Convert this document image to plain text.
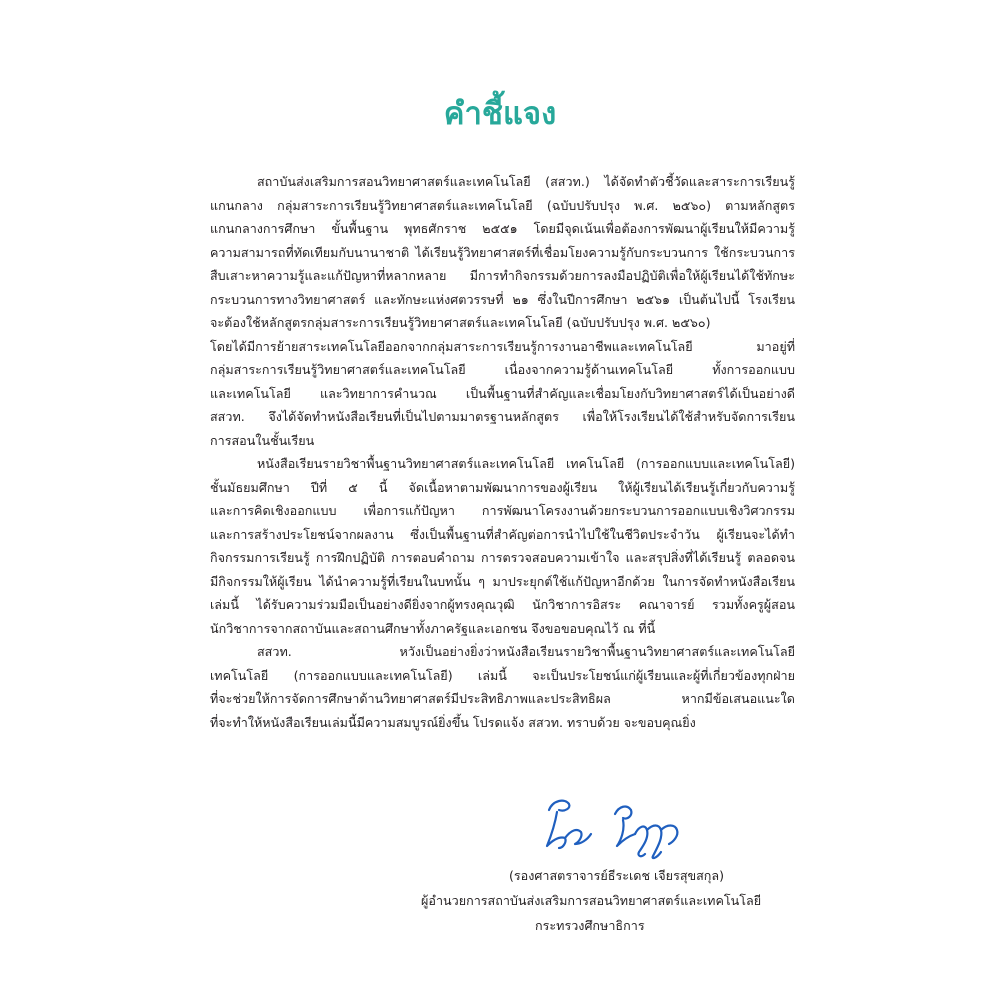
คำชี้แจง
สถาบันส่งเสริมการสอนวิทยาศาสตร์และเทคโนโลยี (สสวท.) ได้จัดทำตัวชี้วัดและสาระการเรียนรู้
แกนกลาง กลุ่มสาระการเรียนรู้วิทยาศาสตร์และเทคโนโลยี (ฉบับปรับปรุง พ.ศ. ๒๕๖๐) ตามหลักสูตร
แกนกลางการศึกษา ขั้นพื้นฐาน พุทธศักราช ๒๕๕๑ โดยมีจุดเน้นเพื่อต้องการพัฒนาผู้เรียนให้มีความรู้
ความสามารถที่ทัดเทียมกับนานาชาติ ได้เรียนรู้วิทยาศาสตร์ที่เชื่อมโยงความรู้กับกระบวนการ ใช้กระบวนการ
สืบเสาะหาความรู้และแก้ปัญหาที่หลากหลาย มีการทำกิจกรรมด้วยการลงมือปฏิบัติเพื่อให้ผู้เรียนได้ใช้ทักษะ
กระบวนการทางวิทยาศาสตร์ และทักษะแห่งศตวรรษที่ ๒๑ ซึ่งในปีการศึกษา ๒๕๖๑ เป็นต้นไปนี้ โรงเรียน
จะต้องใช้หลักสูตรกลุ่มสาระการเรียนรู้วิทยาศาสตร์และเทคโนโลยี (ฉบับปรับปรุง พ.ศ. ๒๕๖๐)
โดยได้มีการย้ายสาระเทคโนโลยีออกจากกลุ่มสาระการเรียนรู้การงานอาชีพและเทคโนโลยี มาอยู่ที่
กลุ่มสาระการเรียนรู้วิทยาศาสตร์และเทคโนโลยี เนื่องจากความรู้ด้านเทคโนโลยี ทั้งการออกแบบ
และเทคโนโลยี และวิทยาการคำนวณ เป็นพื้นฐานที่สำคัญและเชื่อมโยงกับวิทยาศาสตร์ได้เป็นอย่างดี
สสวท. จึงได้จัดทำหนังสือเรียนที่เป็นไปตามมาตรฐานหลักสูตร เพื่อให้โรงเรียนได้ใช้สำหรับจัดการเรียน
การสอนในชั้นเรียน
หนังสือเรียนรายวิชาพื้นฐานวิทยาศาสตร์และเทคโนโลยี เทคโนโลยี (การออกแบบและเทคโนโลยี)
ชั้นมัธยมศึกษา ปีที่ ๕ นี้ จัดเนื้อหาตามพัฒนาการของผู้เรียน ให้ผู้เรียนได้เรียนรู้เกี่ยวกับความรู้
และการคิดเชิงออกแบบ เพื่อการแก้ปัญหา การพัฒนาโครงงานด้วยกระบวนการออกแบบเชิงวิศวกรรม
และการสร้างประโยชน์จากผลงาน ซึ่งเป็นพื้นฐานที่สำคัญต่อการนำไปใช้ในชีวิตประจำวัน ผู้เรียนจะได้ทำ
กิจกรรมการเรียนรู้ การฝึกปฏิบัติ การตอบคำถาม การตรวจสอบความเข้าใจ และสรุปสิ่งที่ได้เรียนรู้ ตลอดจน
มีกิจกรรมให้ผู้เรียน ได้นำความรู้ที่เรียนในบทนั้น ๆ มาประยุกต์ใช้แก้ปัญหาอีกด้วย ในการจัดทำหนังสือเรียน
เล่มนี้ ได้รับความร่วมมือเป็นอย่างดียิ่งจากผู้ทรงคุณวุฒิ นักวิชาการอิสระ คณาจารย์ รวมทั้งครูผู้สอน
นักวิชาการจากสถาบันและสถานศึกษาทั้งภาครัฐและเอกชน จึงขอขอบคุณไว้ ณ ที่นี้
สสวท. หวังเป็นอย่างยิ่งว่าหนังสือเรียนรายวิชาพื้นฐานวิทยาศาสตร์และเทคโนโลยี
เทคโนโลยี (การออกแบบและเทคโนโลยี) เล่มนี้ จะเป็นประโยชน์แก่ผู้เรียนและผู้ที่เกี่ยวข้องทุกฝ่าย
ที่จะช่วยให้การจัดการศึกษาด้านวิทยาศาสตร์มีประสิทธิภาพและประสิทธิผล หากมีข้อเสนอแนะใด
ที่จะทำให้หนังสือเรียนเล่มนี้มีความสมบูรณ์ยิ่งขึ้น โปรดแจ้ง สสวท. ทราบด้วย จะขอบคุณยิ่ง
(รองศาสตราจารย์ธีระเดช เจียรสุขสกุล)
ผู้อำนวยการสถาบันส่งเสริมการสอนวิทยาศาสตร์และเทคโนโลยี
กระทรวงศึกษาธิการ
